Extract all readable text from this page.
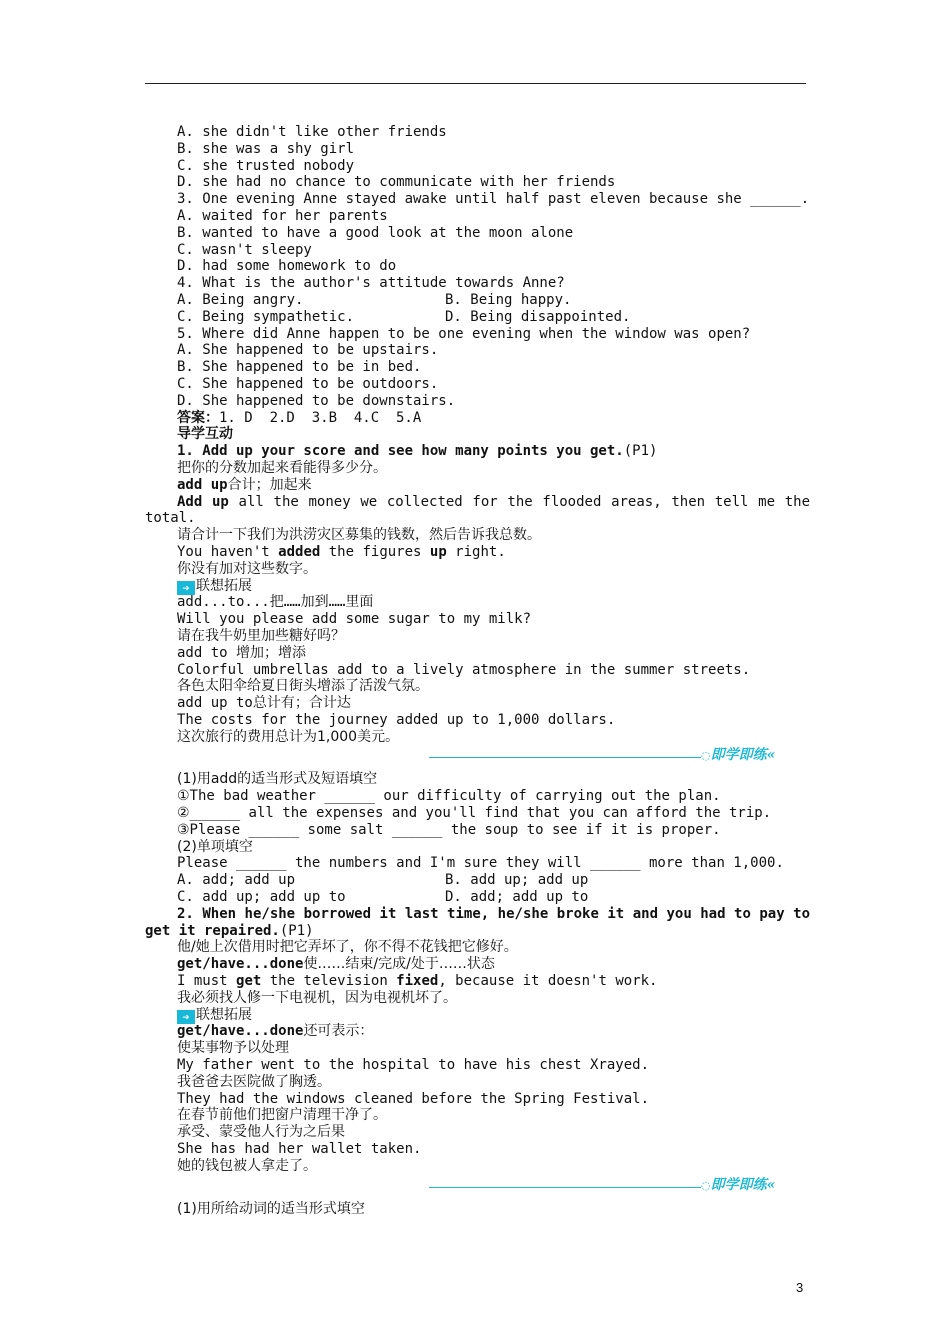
A. she didn't like other friends
B. she was a shy girl
C. she trusted nobody
D. she had no chance to communicate with her friends
3. One evening Anne stayed awake until half past eleven because she ______.
A. waited for her parents
B. wanted to have a good look at the moon alone
C. wasn't sleepy
D. had some homework to do
4. What is the author's attitude towards Anne?
A. Being angry.	B. Being happy.
C. Being sympathetic.	D. Being disappointed.
5. Where did Anne happen to be one evening when the window was open?
A. She happened to be upstairs.
B. She happened to be in bed.
C. She happened to be outdoors.
D. She happened to be downstairs.
答案：1. D  2.D  3.B  4.C  5.A
导学互动
1. Add up your score and see how many points you get.(P1)
把你的分数加起来看能得多少分。
add up合计；加起来
Add up all the money we collected for the flooded areas, then tell me the total.
请合计一下我们为洪涝灾区募集的钱数，然后告诉我总数。
You haven't added the figures up right.
你没有加对这些数字。
➔ 联想拓展
add...to...把……加到……里面
Will you please add some sugar to my milk?
请在我牛奶里加些糖好吗？
add to 增加；增添
Colorful umbrellas add to a lively atmosphere in the summer streets.
各色太阳伞给夏日街头增添了活泼气氛。
add up to总计有；合计达
The costs for the journey added up to 1,000 dollars.
这次旅行的费用总计为1,000美元。
◌即学即练«
(1)用add的适当形式及短语填空
①The bad weather ______ our difficulty of carrying out the plan.
②______ all the expenses and you'll find that you can afford the trip.
③Please ______ some salt ______ the soup to see if it is proper.
(2)单项填空
Please ______ the numbers and I'm sure they will ______ more than 1,000.
A. add; add up	B. add up; add up
C. add up; add up to	D. add; add up to
2. When he/she borrowed it last time, he/she broke it and you had to pay to get it repaired.(P1)
他/她上次借用时把它弄坏了，你不得不花钱把它修好。
get/have...done使……结束/完成/处于……状态
I must get the television fixed, because it doesn't work.
我必须找人修一下电视机，因为电视机坏了。
➔ 联想拓展
get/have...done还可表示：
使某事物予以处理
My father went to the hospital to have his chest Xrayed.
我爸爸去医院做了胸透。
They had the windows cleaned before the Spring Festival.
在春节前他们把窗户清理干净了。
承受、蒙受他人行为之后果
She has had her wallet taken.
她的钱包被人拿走了。
◌即学即练«
(1)用所给动词的适当形式填空
3
